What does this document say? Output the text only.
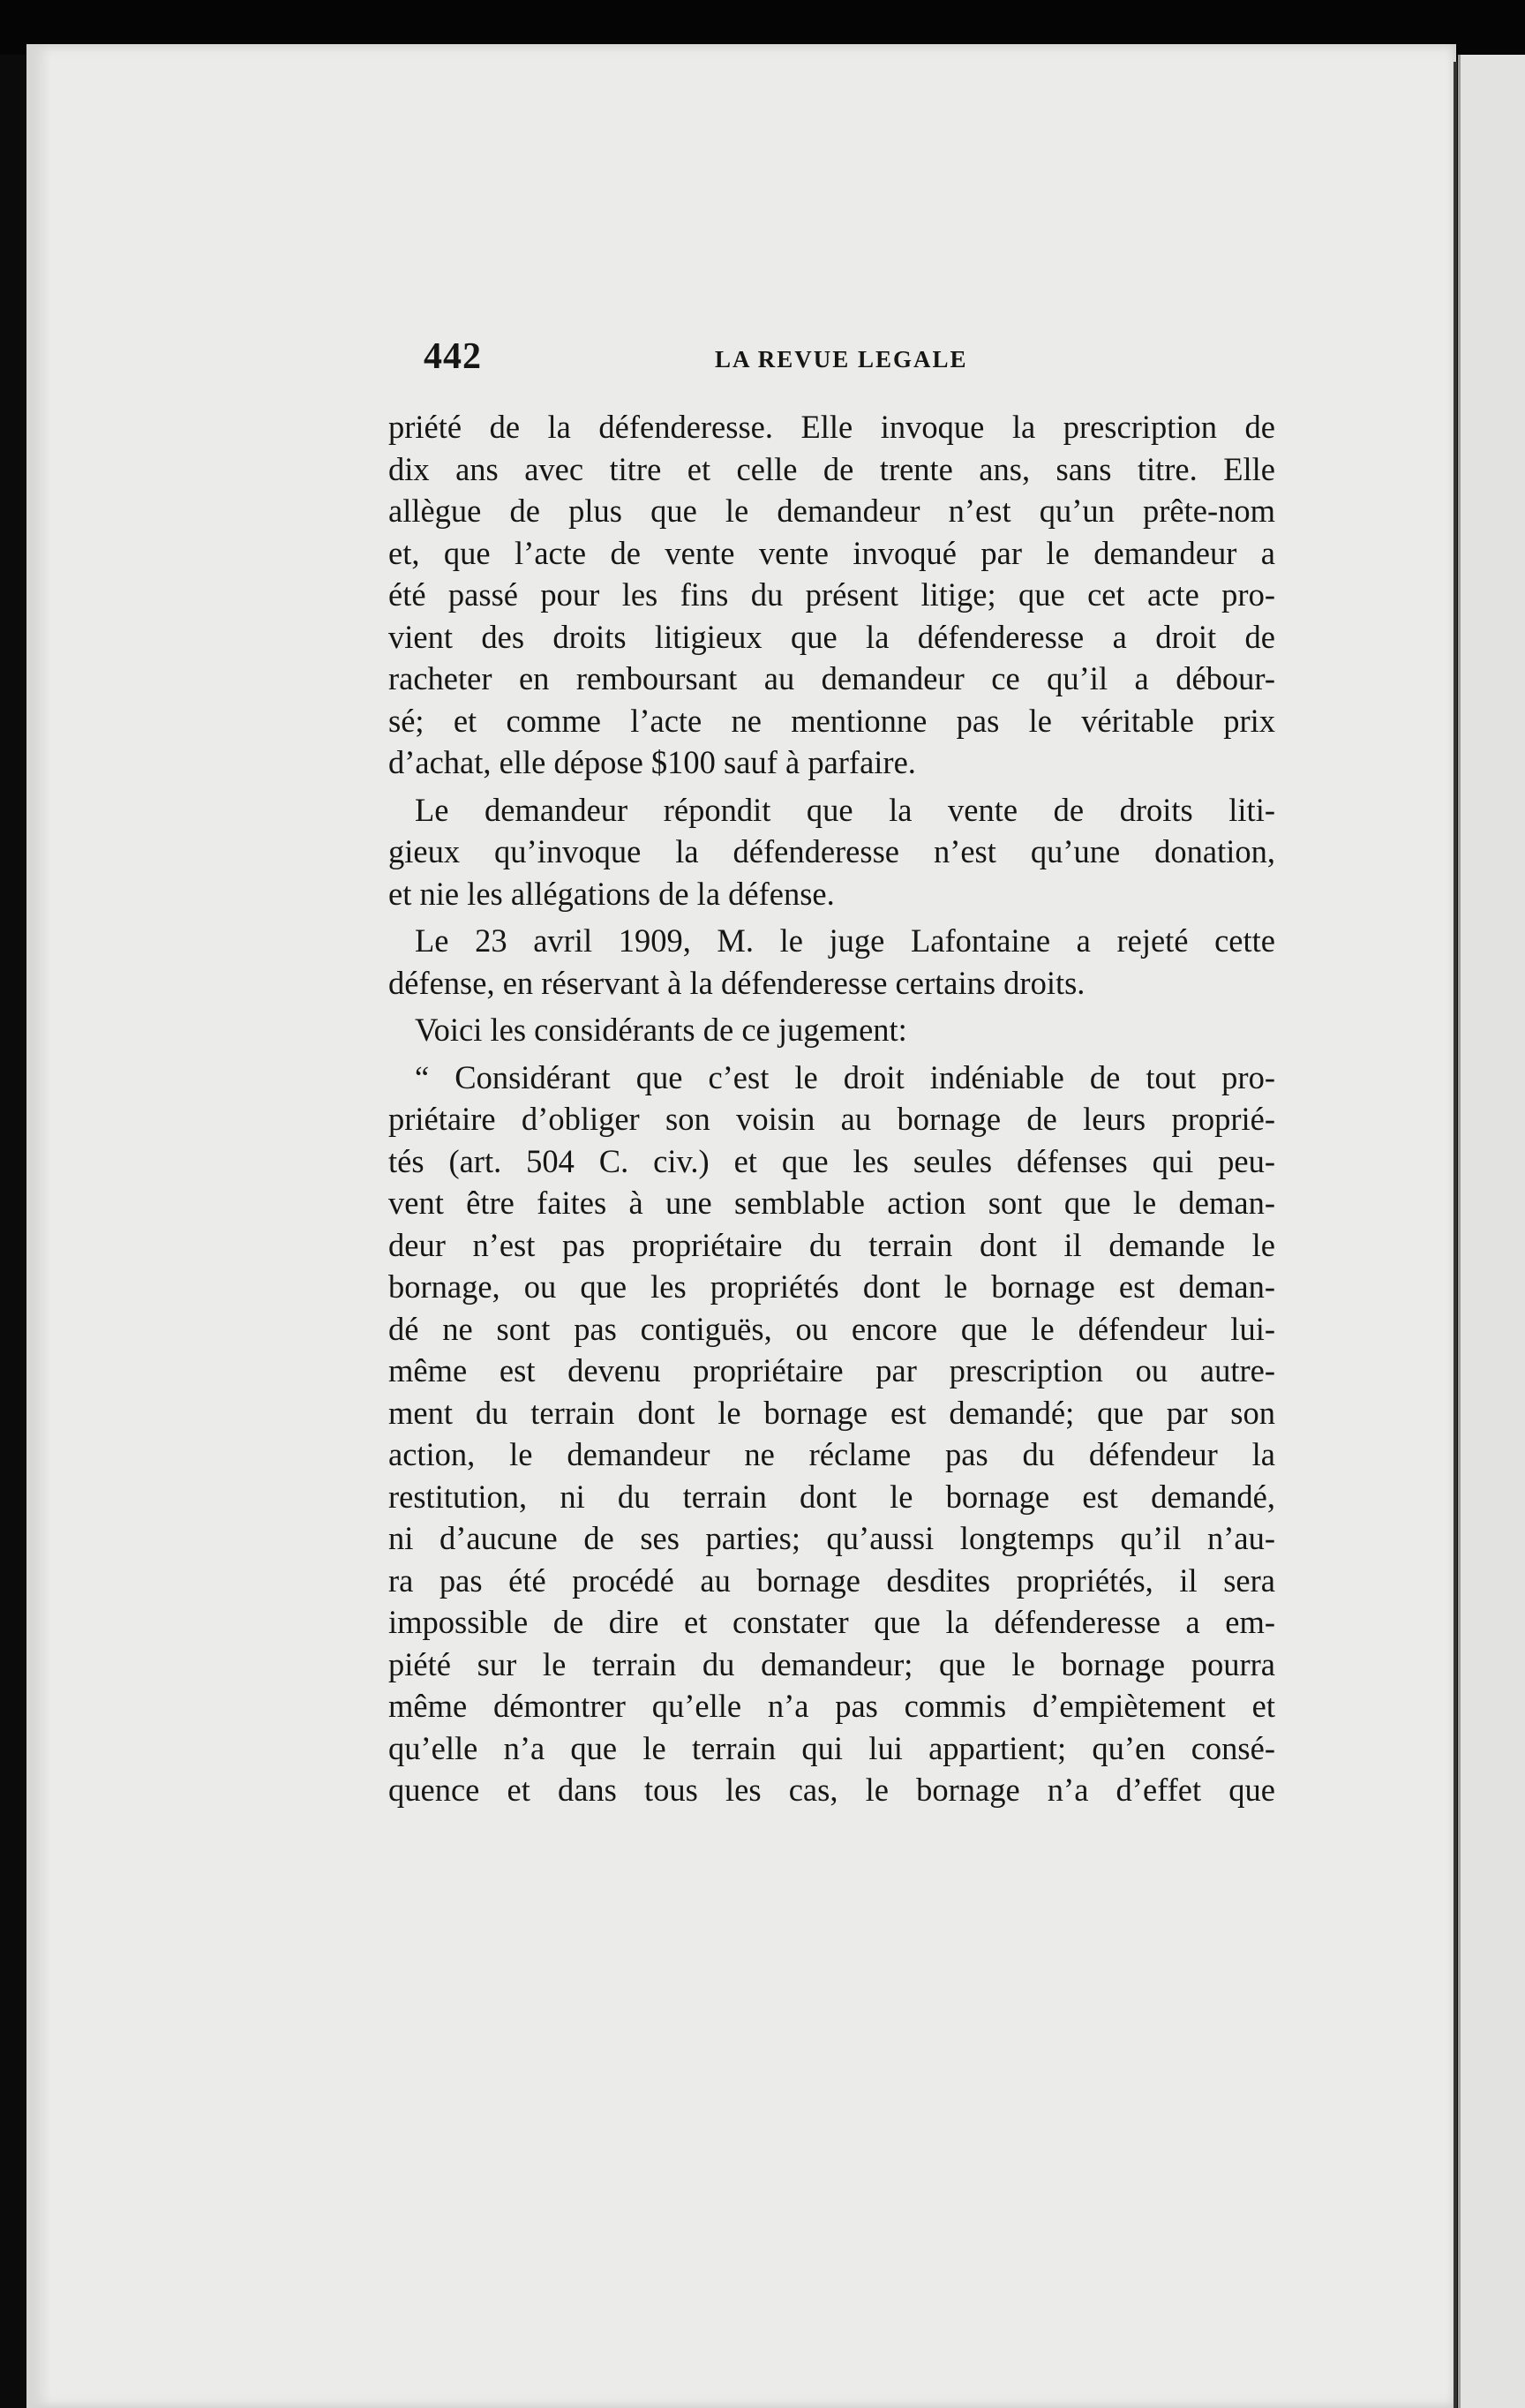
442	LA REVUE LEGALE
priété de la défenderesse. Elle invoque la prescription de
dix ans avec titre et celle de trente ans, sans titre. Elle
allègue de plus que le demandeur n’est qu’un prête-nom
et, que l’acte de vente vente invoqué par le demandeur a
été passé pour les fins du présent litige; que cet acte pro-
vient des droits litigieux que la défenderesse a droit de
racheter en remboursant au demandeur ce qu’il a débour-
sé; et comme l’acte ne mentionne pas le véritable prix
d’achat, elle dépose $100 sauf à parfaire.
Le demandeur répondit que la vente de droits liti-
gieux qu’invoque la défenderesse n’est qu’une donation,
et nie les allégations de la défense.
Le 23 avril 1909, M. le juge Lafontaine a rejeté cette
défense, en réservant à la défenderesse certains droits.
Voici les considérants de ce jugement:
“ Considérant que c’est le droit indéniable de tout pro-
priétaire d’obliger son voisin au bornage de leurs proprié-
tés (art. 504 C. civ.) et que les seules défenses qui peu-
vent être faites à une semblable action sont que le deman-
deur n’est pas propriétaire du terrain dont il demande le
bornage, ou que les propriétés dont le bornage est deman-
dé ne sont pas contiguës, ou encore que le défendeur lui-
même est devenu propriétaire par prescription ou autre-
ment du terrain dont le bornage est demandé; que par son
action, le demandeur ne réclame pas du défendeur la
restitution, ni du terrain dont le bornage est demandé,
ni d’aucune de ses parties; qu’aussi longtemps qu’il n’au-
ra pas été procédé au bornage desdites propriétés, il sera
impossible de dire et constater que la défenderesse a em-
piété sur le terrain du demandeur; que le bornage pourra
même démontrer qu’elle n’a pas commis d’empiètement et
qu’elle n’a que le terrain qui lui appartient; qu’en consé-
quence et dans tous les cas, le bornage n’a d’effet que
